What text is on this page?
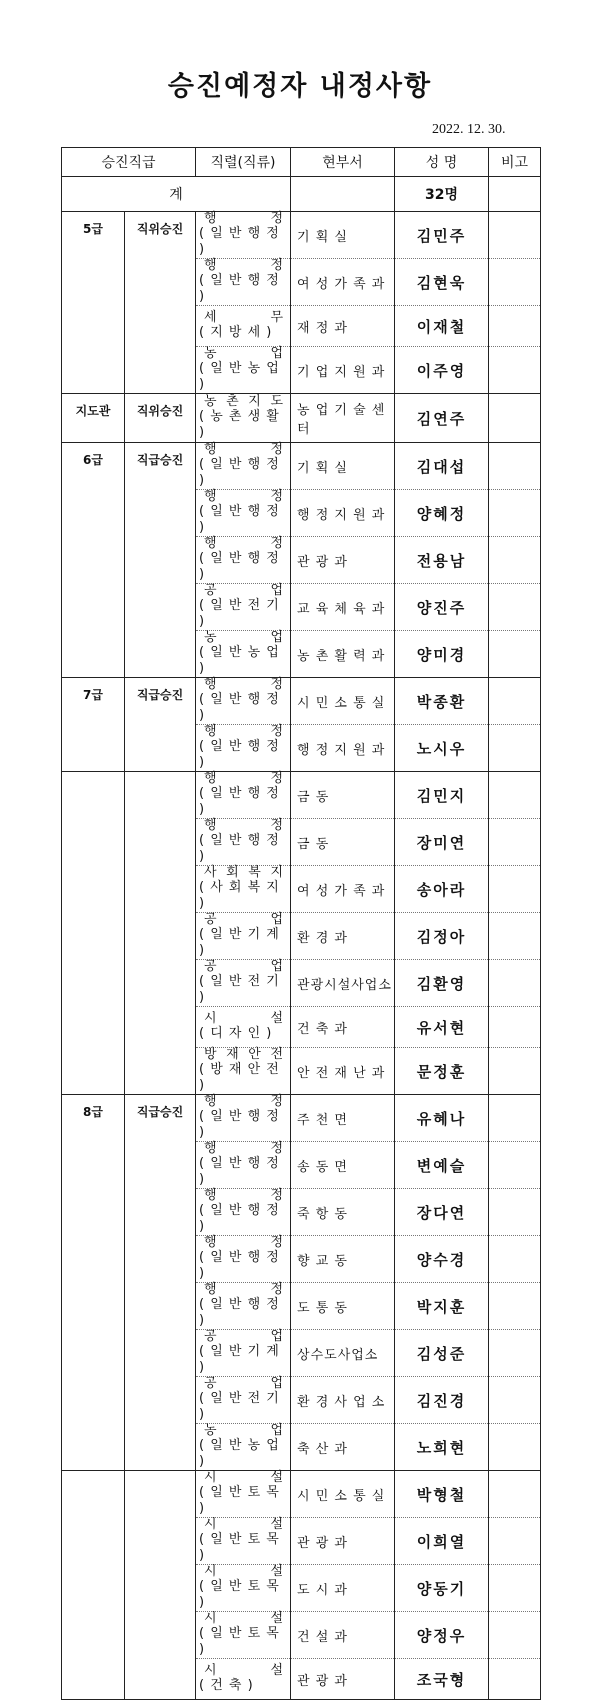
승진예정자 내정사항
2022. 12. 30.
승진직급		직렬(직류)	현부서	성 명	비고
계				32명	
5급	직위승진	행 정
( 일 반 행 정 )	기 획 실	김민주	

		행 정
( 일 반 행 정 )	여 성 가 족 과	김현욱	

		세 무
( 지 방 세 )	재 정 과	이재철	

		농 업
( 일 반 농 업 )	기 업 지 원 과	이주영	
지도관	직위승진	농 촌 지 도
( 농 촌 생 활 )	농 업 기 술 센 터	김연주	
6급	직급승진	행 정
( 일 반 행 정 )	기 획 실	김대섭	

		행 정
( 일 반 행 정 )	행 정 지 원 과	양혜정	

		행 정
( 일 반 행 정 )	관 광 과	전용남	

		공 업
( 일 반 전 기 )	교 육 체 육 과	양진주	

		농 업
( 일 반 농 업 )	농 촌 활 력 과	양미경	
7급	직급승진	행 정
( 일 반 행 정 )	시 민 소 통 실	박종환	

		행 정
( 일 반 행 정 )	행 정 지 원 과	노시우	

		행 정
( 일 반 행 정 )	금 동	김민지	

		행 정
( 일 반 행 정 )	금 동	장미연	

		사 회 복 지
( 사 회 복 지 )	여 성 가 족 과	송아라	

		공 업
( 일 반 기 계 )	환 경 과	김정아	

		공 업
( 일 반 전 기 )	관광시설사업소	김환영	

		시 설
( 디 자 인 )	건 축 과	유서현	

		방 재 안 전
( 방 재 안 전 )	안 전 재 난 과	문정훈	
8급	직급승진	행 정
( 일 반 행 정 )	주 천 면	유혜나	

		행 정
( 일 반 행 정 )	송 동 면	변예슬	

		행 정
( 일 반 행 정 )	죽 항 동	장다연	

		행 정
( 일 반 행 정 )	향 교 동	양수경	

		행 정
( 일 반 행 정 )	도 통 동	박지훈	

		공 업
( 일 반 기 계 )	상수도사업소	김성준	

		공 업
( 일 반 전 기 )	환 경 사 업 소	김진경	

		농 업
( 일 반 농 업 )	축 산 과	노희현	

		시 설
( 일 반 토 목 )	시 민 소 통 실	박형철	

		시 설
( 일 반 토 목 )	관 광 과	이희열	

		시 설
( 일 반 토 목 )	도 시 과	양동기	

		시 설
( 일 반 토 목 )	건 설 과	양정우	

		시 설
( 건 축 )	관 광 과	조국형	
